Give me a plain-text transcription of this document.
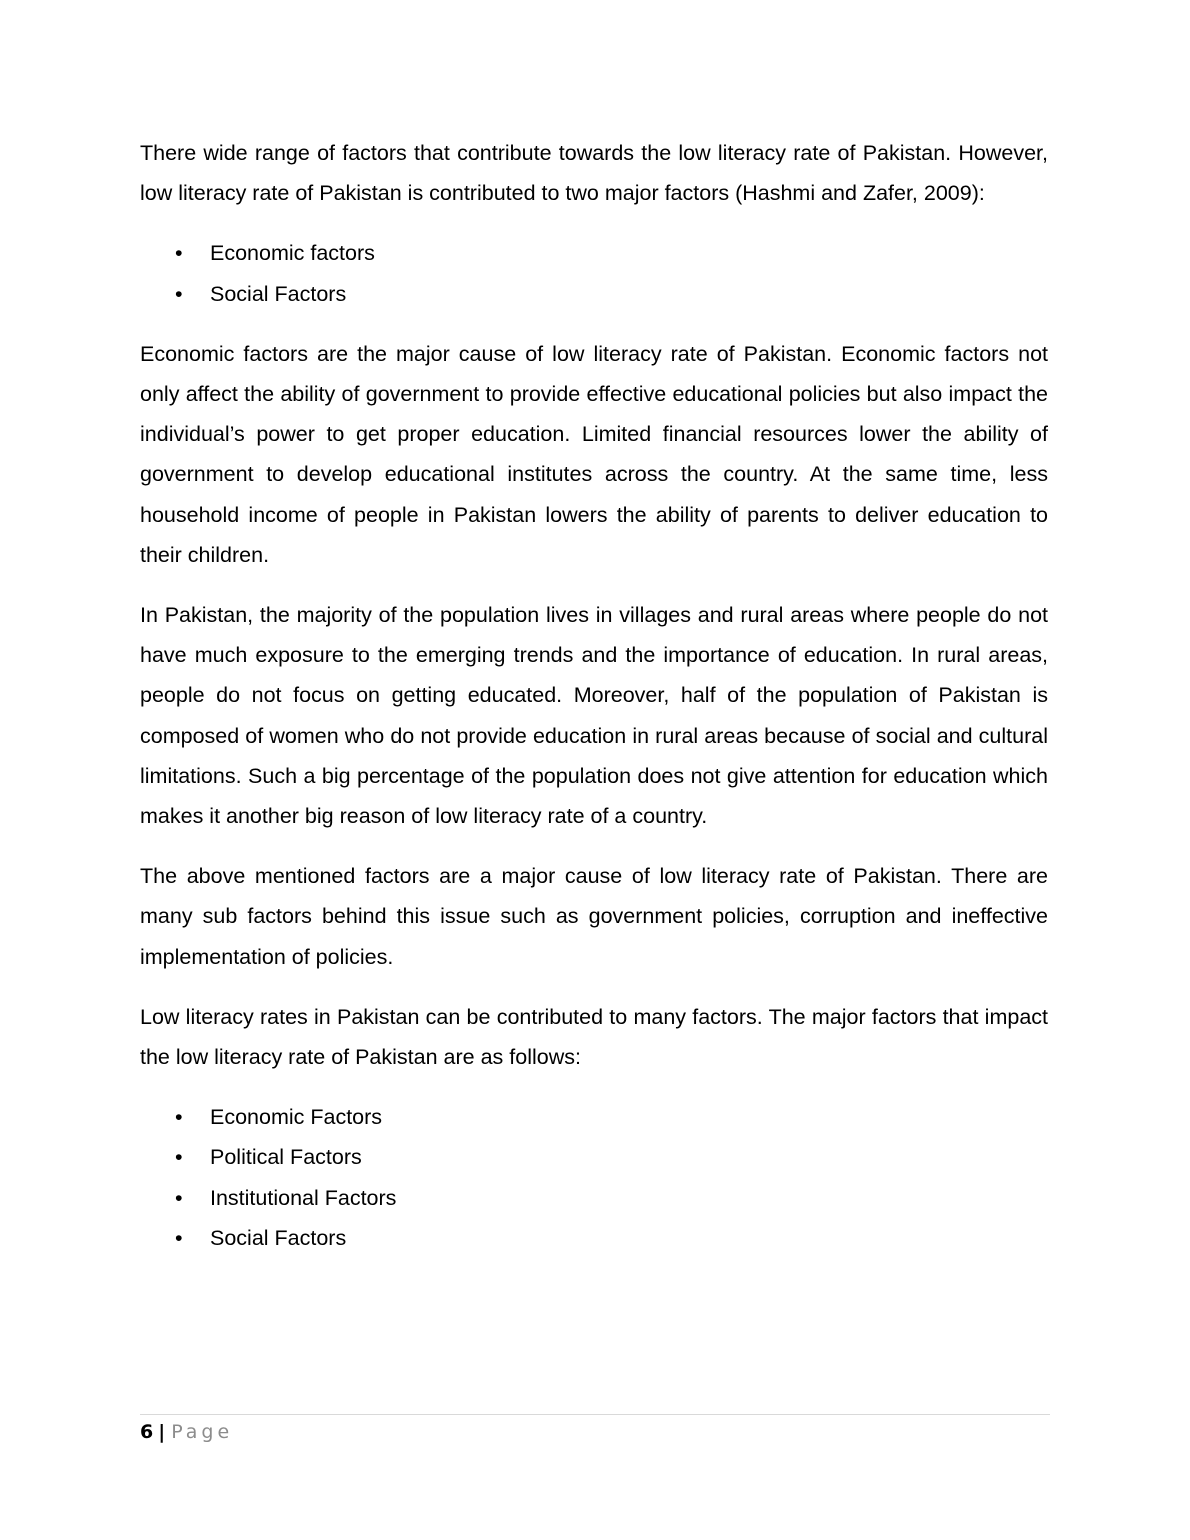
There wide range of factors that contribute towards the low literacy rate of Pakistan. However, low literacy rate of Pakistan is contributed to two major factors (Hashmi and Zafer, 2009):

• Economic factors
• Social Factors

Economic factors are the major cause of low literacy rate of Pakistan. Economic factors not only affect the ability of government to provide effective educational policies but also impact the individual’s power to get proper education. Limited financial resources lower the ability of government to develop educational institutes across the country. At the same time, less household income of people in Pakistan lowers the ability of parents to deliver education to their children.

In Pakistan, the majority of the population lives in villages and rural areas where people do not have much exposure to the emerging trends and the importance of education. In rural areas, people do not focus on getting educated. Moreover, half of the population of Pakistan is composed of women who do not provide education in rural areas because of social and cultural limitations. Such a big percentage of the population does not give attention for education which makes it another big reason of low literacy rate of a country.

The above mentioned factors are a major cause of low literacy rate of Pakistan. There are many sub factors behind this issue such as government policies, corruption and ineffective implementation of policies.

Low literacy rates in Pakistan can be contributed to many factors. The major factors that impact the low literacy rate of Pakistan are as follows:

• Economic Factors
• Political Factors
• Institutional Factors
• Social Factors
6 | Page
